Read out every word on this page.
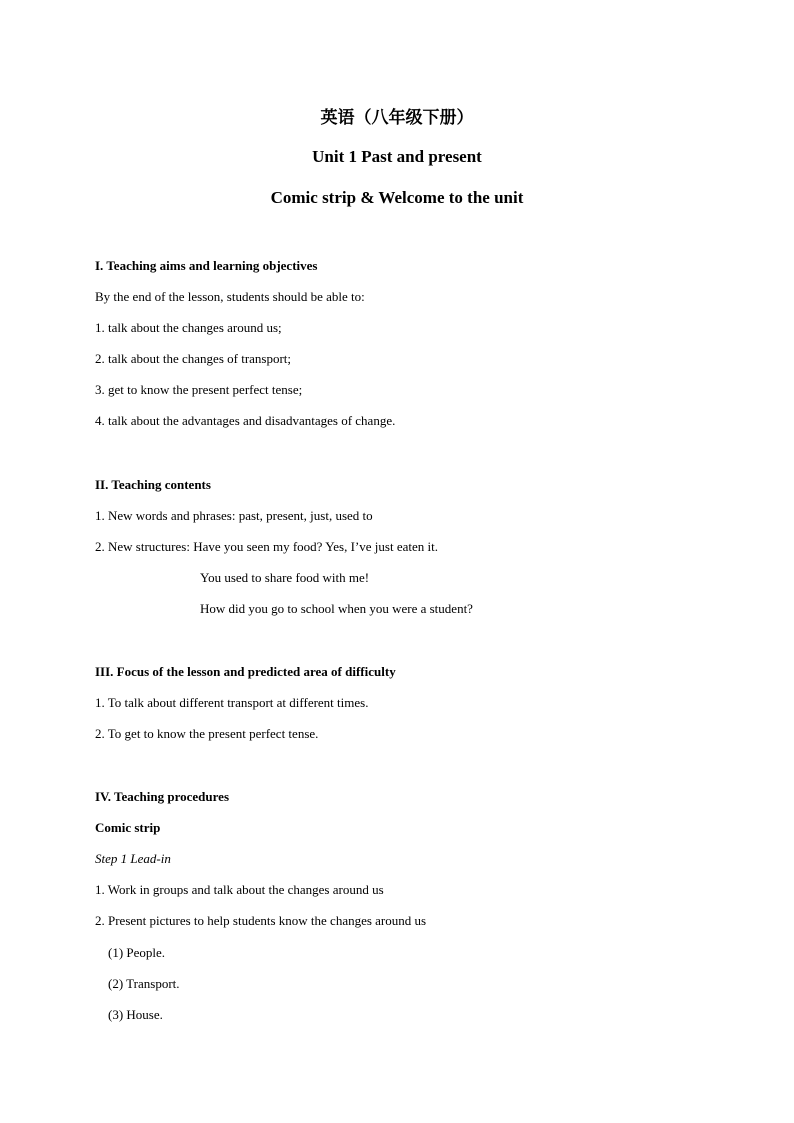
英语（八年级下册）
Unit 1 Past and present
Comic strip & Welcome to the unit
I. Teaching aims and learning objectives
By the end of the lesson, students should be able to:
1. talk about the changes around us;
2. talk about the changes of transport;
3. get to know the present perfect tense;
4. talk about the advantages and disadvantages of change.
II. Teaching contents
1. New words and phrases: past, present, just, used to
2. New structures: Have you seen my food? Yes, I’ve just eaten it.
You used to share food with me!
How did you go to school when you were a student?
III. Focus of the lesson and predicted area of difficulty
1. To talk about different transport at different times.
2. To get to know the present perfect tense.
IV. Teaching procedures
Comic strip
Step 1 Lead-in
1. Work in groups and talk about the changes around us
2. Present pictures to help students know the changes around us
(1) People.
(2) Transport.
(3) House.
